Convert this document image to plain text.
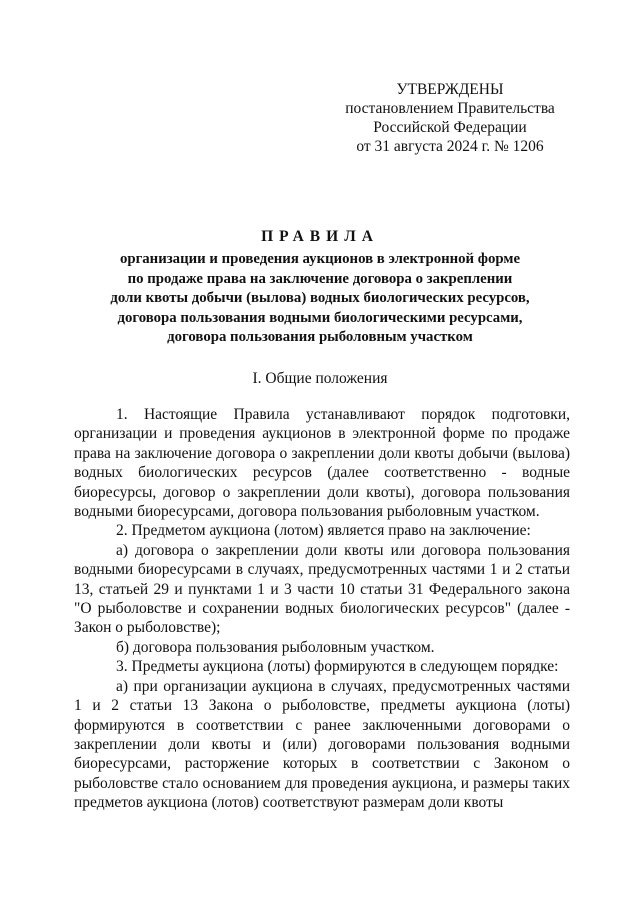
УТВЕРЖДЕНЫ
постановлением Правительства
Российской Федерации
от 31 августа 2024 г. № 1206
ПРАВИЛА
организации и проведения аукционов в электронной форме
по продаже права на заключение договора о закреплении
доли квоты добычи (вылова) водных биологических ресурсов,
договора пользования водными биологическими ресурсами,
договора пользования рыболовным участком
I. Общие положения

1. Настоящие Правила устанавливают порядок подготовки, организации и проведения аукционов в электронной форме по продаже права на заключение договора о закреплении доли квоты добычи (вылова) водных биологических ресурсов (далее соответственно - водные биоресурсы, договор о закреплении доли квоты), договора пользования водными биоресурсами, договора пользования рыболовным участком.

2. Предметом аукциона (лотом) является право на заключение:

а) договора о закреплении доли квоты или договора пользования водными биоресурсами в случаях, предусмотренных частями 1 и 2 статьи 13, статьей 29 и пунктами 1 и 3 части 10 статьи 31 Федерального закона "О рыболовстве и сохранении водных биологических ресурсов" (далее - Закон о рыболовстве);

б) договора пользования рыболовным участком.

3. Предметы аукциона (лоты) формируются в следующем порядке:

а) при организации аукциона в случаях, предусмотренных частями 1 и 2 статьи 13 Закона о рыболовстве, предметы аукциона (лоты) формируются в соответствии с ранее заключенными договорами о закреплении доли квоты и (или) договорами пользования водными биоресурсами, расторжение которых в соответствии с Законом о рыболовстве стало основанием для проведения аукциона, и размеры таких предметов аукциона (лотов) соответствуют размерам доли квоты
